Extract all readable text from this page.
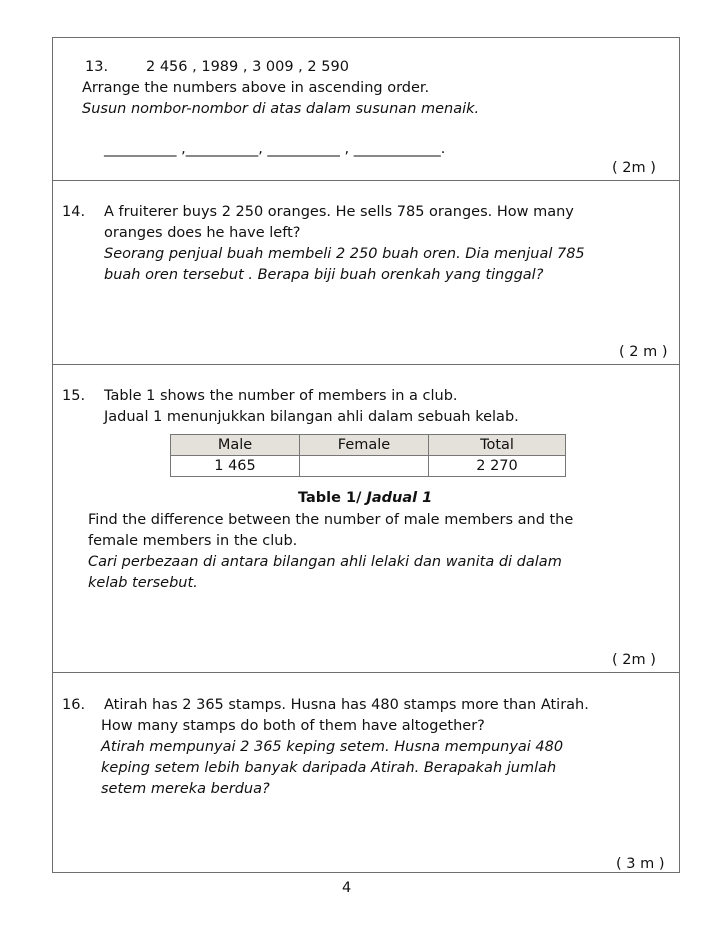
13.	2 456 , 1989 , 3 009 , 2 590
Arrange the numbers above in ascending order.
Susun nombor-nombor di atas dalam susunan menaik.
__________ ,__________, __________ , ____________.
( 2m )
14. A fruiterer buys 2 250 oranges. He sells 785 oranges. How many
oranges does he have left?
Seorang penjual buah membeli 2 250 buah oren. Dia menjual 785
buah oren tersebut . Berapa biji buah orenkah yang tinggal?
( 2 m )
15. Table 1 shows the number of members in a club.
Jadual 1 menunjukkan bilangan ahli dalam sebuah kelab.
Male	Female	Total
1 465		2 270
Table 1/ Jadual 1
Find the difference between the number of male members and the
female members in the club.
Cari perbezaan di antara bilangan ahli lelaki dan wanita di dalam
kelab tersebut.
( 2m )
16. Atirah has 2 365 stamps. Husna has 480 stamps more than Atirah.
How many stamps do both of them have altogether?
Atirah mempunyai 2 365 keping setem. Husna mempunyai 480
keping setem lebih banyak daripada Atirah. Berapakah jumlah
setem mereka berdua?
( 3 m )
4
